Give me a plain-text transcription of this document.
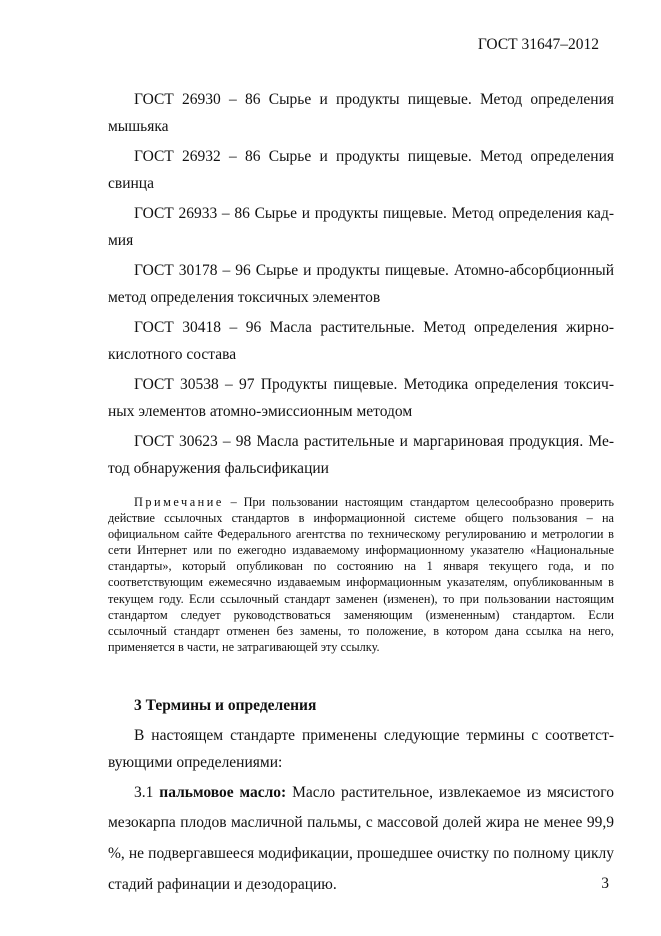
ГОСТ 31647–2012

ГОСТ 26930 – 86 Сырье и продукты пищевые. Метод определения
мышьяка

ГОСТ 26932 – 86 Сырье и продукты пищевые. Метод определения
свинца

ГОСТ 26933 – 86 Сырье и продукты пищевые. Метод определения кад-
мия

ГОСТ 30178 – 96 Сырье и продукты пищевые. Атомно-абсорбционный
метод определения токсичных элементов

ГОСТ 30418 – 96 Масла растительные. Метод определения жирно-
кислотного состава

ГОСТ 30538 – 97 Продукты пищевые. Методика определения токсич-
ных элементов атомно-эмиссионным методом

ГОСТ 30623 – 98 Масла растительные и маргариновая продукция. Ме-
тод обнаружения фальсификации

Примечание – При пользовании настоящим стандартом целесообразно проверить действие ссылочных стандартов в информационной системе общего пользования – на официальном сайте Федерального агентства по техническому регулированию и метрологии в сети Интернет или по ежегодно издаваемому информационному указателю «Национальные стандарты», который опубликован по состоянию на 1 января текущего года, и по соответствующим ежемесячно издаваемым информационным указателям, опубликованным в текущем году. Если ссылочный стандарт заменен (изменен), то при пользовании настоящим стандартом следует руководствоваться заменяющим (измененным) стандартом. Если ссылочный стандарт отменен без замены, то положение, в котором дана ссылка на него, применяется в части, не затрагивающей эту ссылку.

3 Термины и определения

В настоящем стандарте применены следующие термины с соответст-
вующими определениями:

3.1 пальмовое масло: Масло растительное, извлекаемое из мясистого
мезокарпа плодов масличной пальмы, с массовой долей жира не менее 99,9 %, не подвергавшееся модификации, прошедшее очистку по полному циклу стадий рафинации и дезодорацию.	3
